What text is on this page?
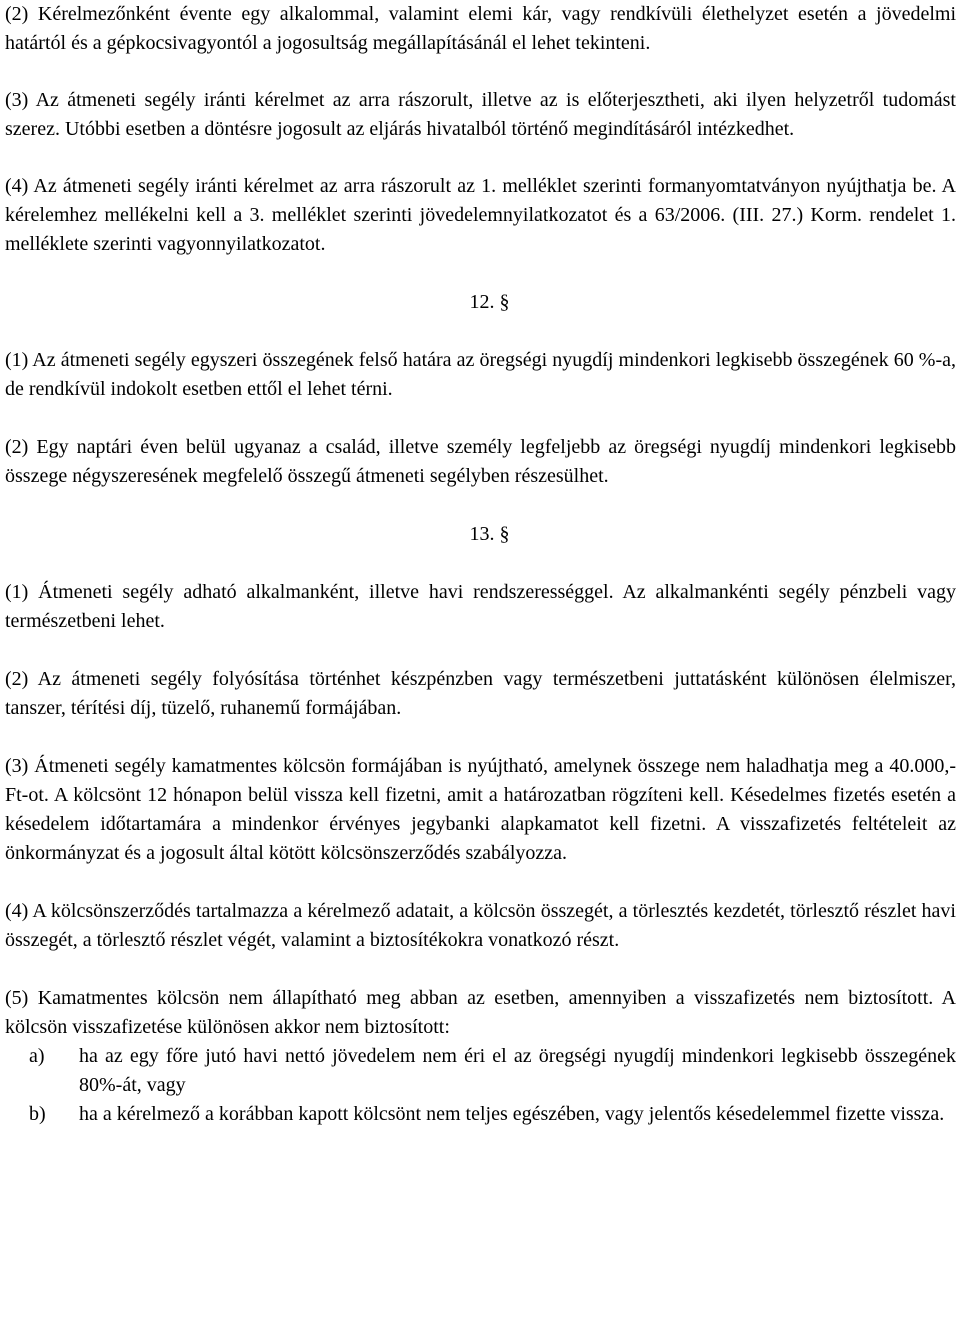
(2) Kérelmezőnként évente egy alkalommal, valamint elemi kár, vagy rendkívüli élethelyzet esetén a jövedelmi határtól és a gépkocsivagyontól a jogosultság megállapításánál el lehet tekinteni.

(3) Az átmeneti segély iránti kérelmet az arra rászorult, illetve az is előterjesztheti, aki ilyen helyzetről tudomást szerez. Utóbbi esetben a döntésre jogosult az eljárás hivatalból történő megindításáról intézkedhet.

(4) Az átmeneti segély iránti kérelmet az arra rászorult az 1. melléklet szerinti formanyomtatványon nyújthatja be. A kérelemhez mellékelni kell a 3. melléklet szerinti jövedelemnyilatkozatot és a 63/2006. (III. 27.) Korm. rendelet 1. melléklete szerinti vagyonnyilatkozatot.

12. §

(1) Az átmeneti segély egyszeri összegének felső határa az öregségi nyugdíj mindenkori legkisebb összegének 60 %-a, de rendkívül indokolt esetben ettől el lehet térni.

(2) Egy naptári éven belül ugyanaz a család, illetve személy legfeljebb az öregségi nyugdíj mindenkori legkisebb összege négyszeresének megfelelő összegű átmeneti segélyben részesülhet.

13. §

(1) Átmeneti segély adható alkalmanként, illetve havi rendszerességgel. Az alkalmankénti segély pénzbeli vagy természetbeni lehet.

(2) Az átmeneti segély folyósítása történhet készpénzben vagy természetbeni juttatásként különösen élelmiszer, tanszer, térítési díj, tüzelő, ruhanemű formájában.

(3) Átmeneti segély kamatmentes kölcsön formájában is nyújtható, amelynek összege nem haladhatja meg a 40.000,- Ft-ot. A kölcsönt 12 hónapon belül vissza kell fizetni, amit a határozatban rögzíteni kell. Késedelmes fizetés esetén a késedelem időtartamára a mindenkor érvényes jegybanki alapkamatot kell fizetni. A visszafizetés feltételeit az önkormányzat és a jogosult által kötött kölcsönszerződés szabályozza.

(4) A kölcsönszerződés tartalmazza a kérelmező adatait, a kölcsön összegét, a törlesztés kezdetét, törlesztő részlet havi összegét, a törlesztő részlet végét, valamint a biztosítékokra vonatkozó részt.

(5) Kamatmentes kölcsön nem állapítható meg abban az esetben, amennyiben a visszafizetés nem biztosított. A kölcsön visszafizetése különösen akkor nem biztosított:

a)	ha az egy főre jutó havi nettó jövedelem nem éri el az öregségi nyugdíj mindenkori legkisebb összegének 80%-át, vagy
b)	ha a kérelmező a korábban kapott kölcsönt nem teljes egészében, vagy jelentős késedelemmel fizette vissza.
